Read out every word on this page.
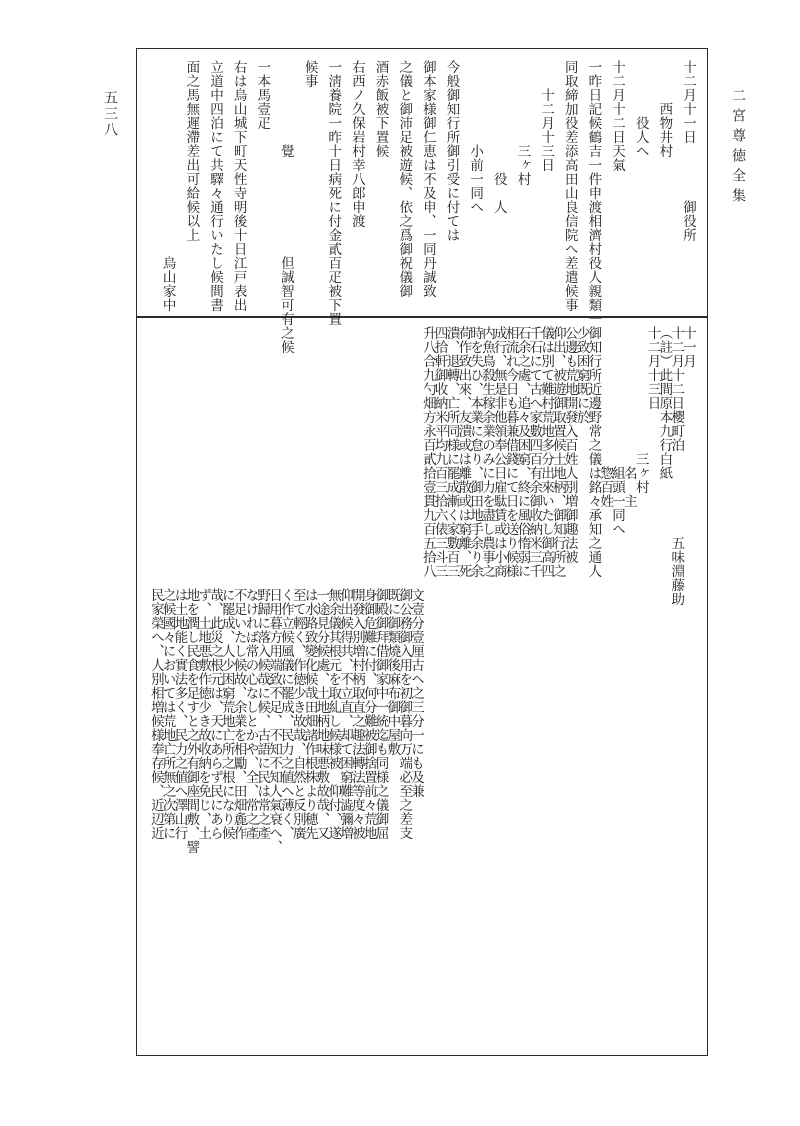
二宮尊徳全集
五三八	十二月十一日　　　　御役所
　　　西物井村
　　　　役人へ
十二月十二日天氣
一昨日記候鶴吉一件申渡相濟村役人親類一
同取締加役差添高田山良信院へ差遣候事
　　十二月十三日
　　　　　　三ヶ村
　　　　　　　　役　人
　　　　　　小前一同へ
今般御知行所御引受に付ては
御本家様御仁恵は不及申、一同丹誠致
之儀と御沛足被遊候、依之爲御祝儀御
酒赤飯被下置候
右西ノ久保岩村幸八郎申渡
一淸養院一昨十日病死に付金貳百疋被下置
候事
　　　　　　覺　　　　　　　但誠智可有之候
一本馬壹疋
右は烏山城下町天性寺明後十日江戸表出
立道中四泊にて共驛々通行いたし候間書
面之馬無遲滯差出可給候以上
　　　　　　　　　　　　　　烏山家中
十一月
十二月十二日櫻町泊　　　　　　五味淵藤助
（註）此間原本九行白紙
十二月十三日
　　　　　　　　　三ヶ村
　　　　　　　　　　名　主
　　　　　　　　　　組頭一同へ
　　　　　　　　　　惣百姓
御知行所近邊野常之儀は銘々承知之通人
少致困窮既に於
公邊も荒地開發入百姓人別増御趣法被
仰出、被遊御取置候土地柄、御知行所之
儀は別て難村荒地多分出來いたし御高四
千石にて古へ家數四百有余御收納米三千
石余之處、追々及困窮、終に風俗惰弱に
相流れ今日も暮兼借錢にて日を送り候様
成行、無是非他領奉公日雇駄賃或は小商
内魚鳥殺生稼余業のみに力を盡し農事之
時を失ひ、本業に怠り、御田地手余り余
荷作致出來、友潰或は離散或は窮離、死
潰、退轉、亡所同様に罷成漸く家數百三
四拾軒御收納米平均九百三拾六俵三斗三
升八合九勺畑方永百貳拾壹貫九百五拾八
文壹分壹厘古へ之三分一にも及兼
御公務御入用を初御暮向万端必至之差支
既に御類燒後麻布御中屋敷
御殿御拜借御家中一統迄も同様之儀御屈
身御危難に付、何分難被御捨置前々荒地
開發入別増村柄取直之趣法轉法等度々被
仰出候得共、不立直、却て困窮難澁彌増
無余儀其根元を取糺し候様被　仰付、遂
一途見分候處、土地柄地味悪敷故哉、又
は水路致變化候哉田畑諸作根株より穂先
至て輕く、作徳少き故哉、自然と反別廣
く作立候風儀に罷成、民力之値へ薄く、
日用暮方用端致不足、不知不知人氣衰へ、
野歸に落入候哉に候、古語に民は常之產
なければ常の心なしとかや、全、常之產
不足いたし候故、余業を相勵、田畑麁作
に罷成、人少困窮荒地亡所之根になり候
哉、此災之根元は、天にあらず民にあら
ず、土地悪敷作徳少き故收納を免じ、土
地を潤し民食を足すと之外有御座間敷、譬
は土地能く實法多く、民力之値へ澤山行
之候國々においては荒地亡所無之次第に
民家榮へ、人別相増候様奉存候、近辺近
